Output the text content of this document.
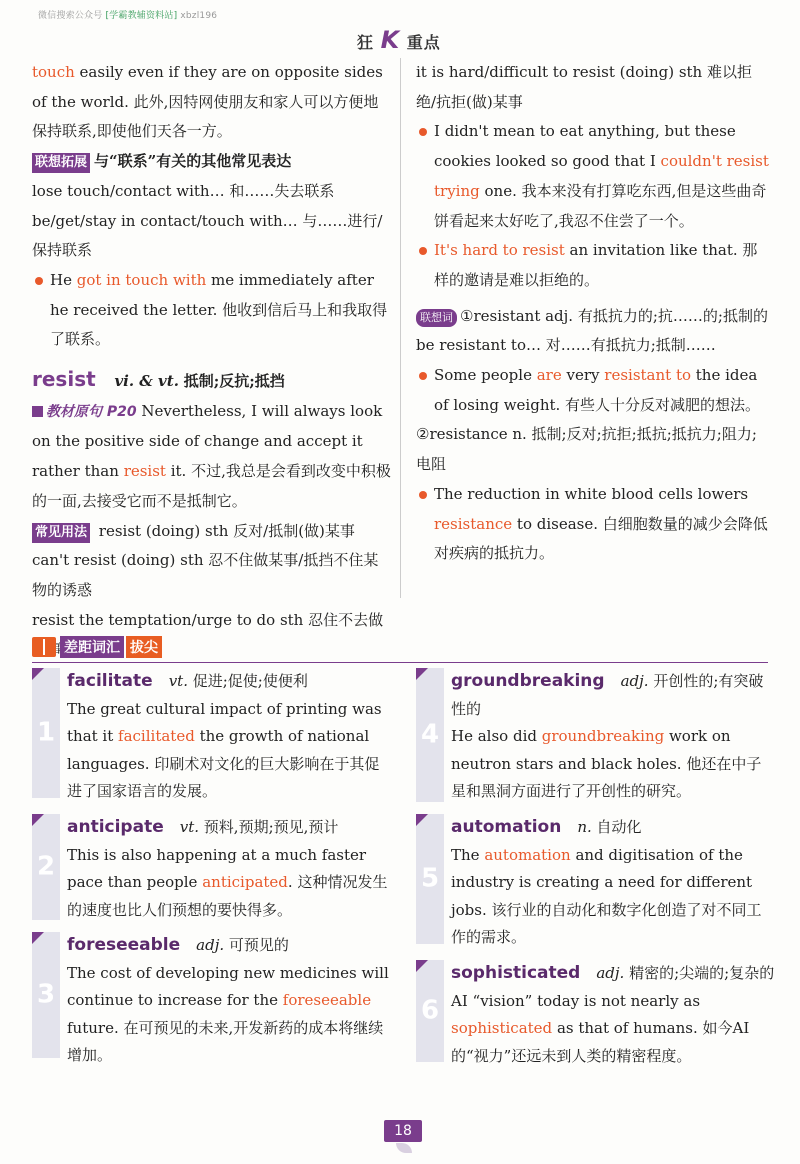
微信搜索公众号 [学霸教辅资料站] xbzl196
狂 K 重点
touch easily even if they are on opposite sides of the world. 此外,因特网使朋友和家人可以方便地保持联系,即使他们天各一方。
联想拓展 与“联系”有关的其他常见表达
lose touch/contact with… 和……失去联系
be/get/stay in contact/touch with… 与……进行/保持联系
He got in touch with me immediately after he received the letter. 他收到信后马上和我取得了联系。
resist vi. & vt. 抵制;反抗;抵挡
教材原句 P20 Nevertheless, I will always look on the positive side of change and accept it rather than resist it. 不过,我总是会看到改变中积极的一面,去接受它而不是抵制它。
常见用法 resist (doing) sth 反对/抵制(做)某事
can't resist (doing) sth 忍不住做某事/抵挡不住某物的诱惑
resist the temptation/urge to do sth 忍住不去做
it is hard/difficult to resist (doing) sth 难以拒绝/抗拒(做)某事
I didn't mean to eat anything, but these cookies looked so good that I couldn't resist trying one. 我本来没有打算吃东西,但是这些曲奇饼看起来太好吃了,我忍不住尝了一个。
It's hard to resist an invitation like that. 那样的邀请是难以拒绝的。
联想词 ①resistant adj. 有抵抗力的;抗……的;抵制的
be resistant to… 对……有抵抗力;抵制……
Some people are very resistant to the idea of losing weight. 有些人十分反对减肥的想法。
②resistance n. 抵制;反对;抗拒;抵抗;抵抗力;阻力;电阻
The reduction in white blood cells lowers resistance to disease. 白细胞数量的减少会降低对疾病的抵抗力。
差距词汇 拔尖
1
facilitate vt. 促进;促使;使便利
The great cultural impact of printing was that it facilitated the growth of national languages. 印刷术对文化的巨大影响在于其促进了国家语言的发展。
4
groundbreaking adj. 开创性的;有突破性的
He also did groundbreaking work on neutron stars and black holes. 他还在中子星和黑洞方面进行了开创性的研究。
2
anticipate vt. 预料,预期;预见,预计
This is also happening at a much faster pace than people anticipated. 这种情况发生的速度也比人们预想的要快得多。
5
automation n. 自动化
The automation and digitisation of the industry is creating a need for different jobs. 该行业的自动化和数字化创造了对不同工作的需求。
3
foreseeable adj. 可预见的
The cost of developing new medicines will continue to increase for the foreseeable future. 在可预见的未来,开发新药的成本将继续增加。
6
sophisticated adj. 精密的;尖端的;复杂的
AI “vision” today is not nearly as sophisticated as that of humans. 如今AI的“视力”还远未到人类的精密程度。
18
